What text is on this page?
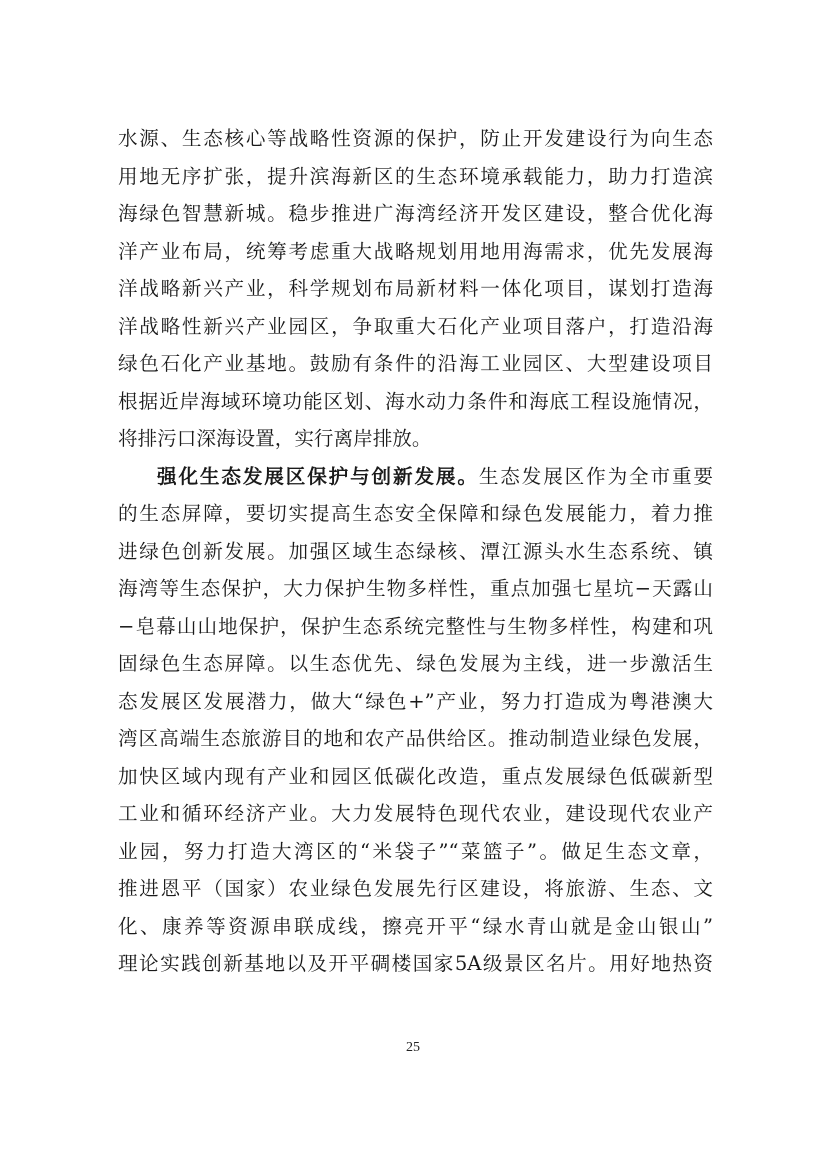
水源、生态核心等战略性资源的保护，防止开发建设行为向生态
用地无序扩张，提升滨海新区的生态环境承载能力，助力打造滨
海绿色智慧新城。稳步推进广海湾经济开发区建设，整合优化海
洋产业布局，统筹考虑重大战略规划用地用海需求，优先发展海
洋战略新兴产业，科学规划布局新材料一体化项目，谋划打造海
洋战略性新兴产业园区，争取重大石化产业项目落户，打造沿海
绿色石化产业基地。鼓励有条件的沿海工业园区、大型建设项目
根据近岸海域环境功能区划、海水动力条件和海底工程设施情况，
将排污口深海设置，实行离岸排放。
强化生态发展区保护与创新发展。生态发展区作为全市重要
的生态屏障，要切实提高生态安全保障和绿色发展能力，着力推
进绿色创新发展。加强区域生态绿核、潭江源头水生态系统、镇
海湾等生态保护，大力保护生物多样性，重点加强七星坑−天露山
−皂幕山山地保护，保护生态系统完整性与生物多样性，构建和巩
固绿色生态屏障。以生态优先、绿色发展为主线，进一步激活生
态发展区发展潜力，做大“绿色+”产业，努力打造成为粤港澳大
湾区高端生态旅游目的地和农产品供给区。推动制造业绿色发展，
加快区域内现有产业和园区低碳化改造，重点发展绿色低碳新型
工业和循环经济产业。大力发展特色现代农业，建设现代农业产
业园，努力打造大湾区的“米袋子”“菜篮子”。做足生态文章，
推进恩平（国家）农业绿色发展先行区建设，将旅游、生态、文
化、康养等资源串联成线，擦亮开平“绿水青山就是金山银山”
理论实践创新基地以及开平碉楼国家5A级景区名片。用好地热资
25
